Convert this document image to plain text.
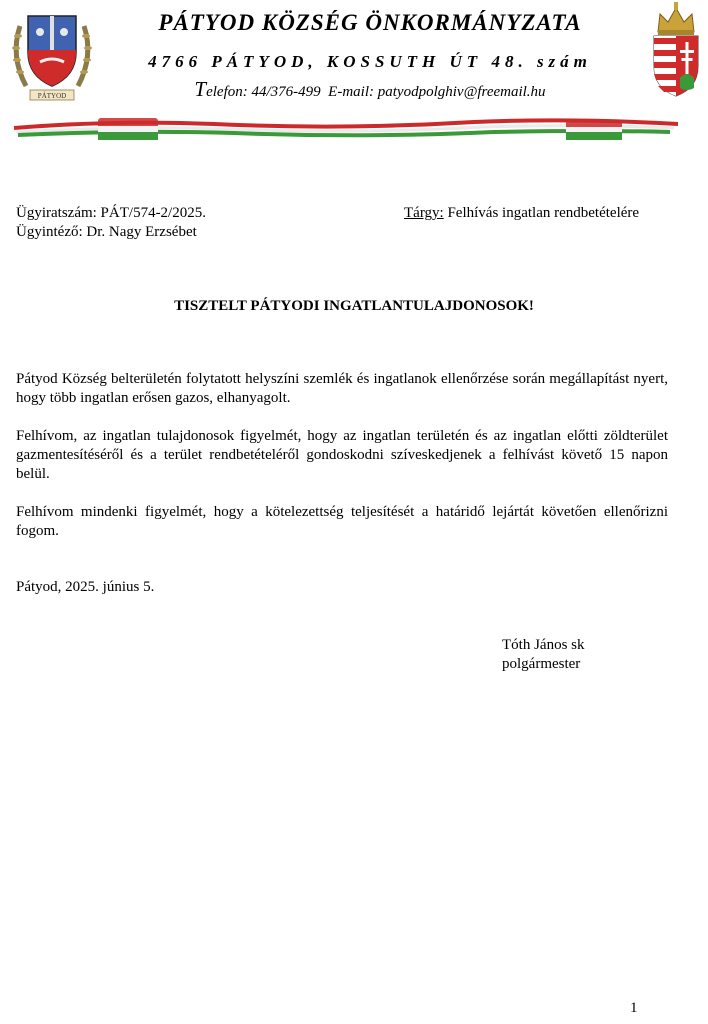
PÁTYOD
PÁTYOD KÖZSÉG ÖNKORMÁNYZATA
4766 PÁTYOD, KOSSUTH ÚT 48. szám
Telefon: 44/376-499 E-mail: patyodpolghiv@freemail.hu
Ügyiratszám: PÁT/574-2/2025.
Ügyintéző: Dr. Nagy Erzsébet
Tárgy: Felhívás ingatlan rendbetételére
TISZTELT PÁTYODI INGATLANTULAJDONOSOK!

Pátyod Község belterületén folytatott helyszíni szemlék és ingatlanok ellenőrzése során megállapítást nyert, hogy több ingatlan erősen gazos, elhanyagolt.

Felhívom, az ingatlan tulajdonosok figyelmét, hogy az ingatlan területén és az ingatlan előtti zöldterület gazmentesítéséről és a terület rendbetételéről gondoskodni szíveskedjenek a felhívást követő 15 napon belül.

Felhívom mindenki figyelmét, hogy a kötelezettség teljesítését a határidő lejártát követően ellenőrizni fogom.

Pátyod, 2025. június 5.
Tóth János sk
polgármester
1
